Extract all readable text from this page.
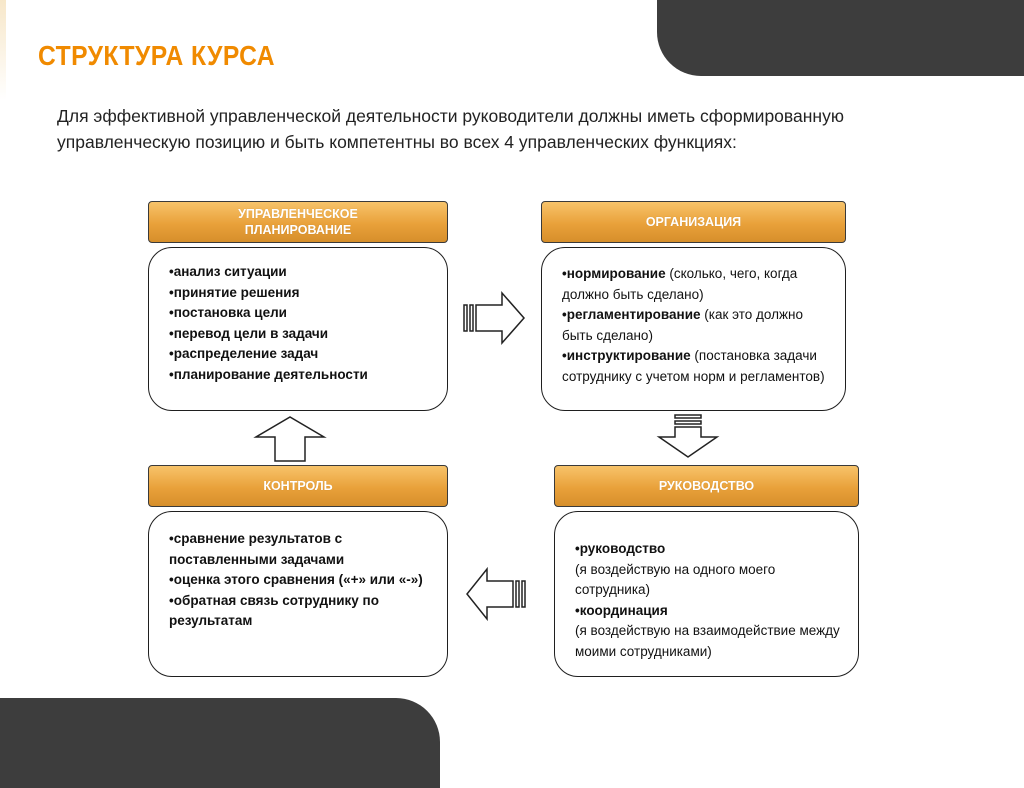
СТРУКТУРА КУРСА

Для эффективной управленческой деятельности руководители должны иметь сформированную управленческую позицию и быть компетентны во всех 4 управленческих функциях:

УПРАВЛЕНЧЕСКОЕ
ПЛАНИРОВАНИЕ
•анализ ситуации
•принятие решения
•постановка цели
•перевод цели в задачи
•распределение задач
•планирование деятельности
ОРГАНИЗАЦИЯ
•нормирование (сколько, чего, когда должно быть сделано)
•регламентирование (как это должно быть сделано)
•инструктирование (постановка задачи сотруднику с учетом норм и регламентов)
КОНТРОЛЬ
•сравнение результатов с поставленными задачами
•оценка этого сравнения («+» или «-»)
•обратная связь сотруднику по результатам
РУКОВОДСТВО
•руководство
(я воздействую на одного моего сотрудника)
•координация
(я воздействую на взаимодействие между моими сотрудниками)
